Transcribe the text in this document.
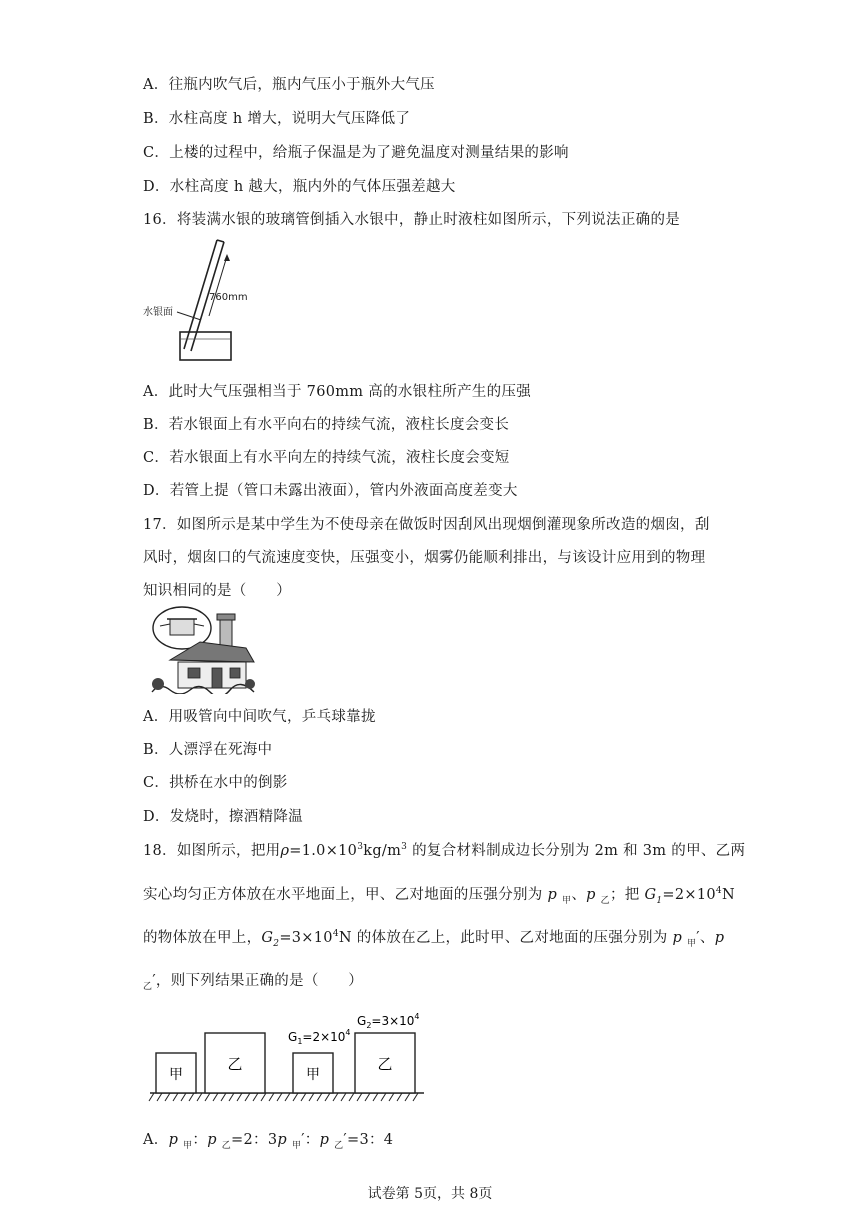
A．往瓶内吹气后，瓶内气压小于瓶外大气压
B．水柱高度 h 增大，说明大气压降低了
C．上楼的过程中，给瓶子保温是为了避免温度对测量结果的影响
D．水柱高度 h 越大，瓶内外的气体压强差越大
16．将装满水银的玻璃管倒插入水银中，静止时液柱如图所示，下列说法正确的是
760mm
水银面
A．此时大气压强相当于 760mm 高的水银柱所产生的压强
B．若水银面上有水平向右的持续气流，液柱长度会变长
C．若水银面上有水平向左的持续气流，液柱长度会变短
D．若管上提（管口未露出液面），管内外液面高度差变大
17．如图所示是某中学生为不使母亲在做饭时因刮风出现烟倒灌现象所改造的烟囱，刮
风时，烟囱口的气流速度变快，压强变小，烟雾仍能顺利排出，与该设计应用到的物理
知识相同的是（　　）
A．用吸管向中间吹气，乒乓球靠拢
B．人漂浮在死海中
C．拱桥在水中的倒影
D．发烧时，擦酒精降温
18．如图所示，把用$\rho=1.0\times 10^3kg/m^3$ 的复合材料制成边长分别为 2m 和 3m 的甲、乙两
实心均匀正方体放在水平地面上，甲、乙对地面的压强分别为 p $_甲$、p $_乙$；把 $G_1=2\times 10^4N$
的物体放在甲上，$G_2=3\times 10^4N$ 的体放在乙上，此时甲、乙对地面的压强分别为 p $_甲$′、p
$_乙$′，则下列结果正确的是（　　）
甲
乙
甲
乙
$G_1=2\times 10^4$
$G_2=3\times 10^4$
A．p $_甲$：p $_乙$=2：3p $_甲$′：p $_乙$′=3：4
试卷第 5页，共 8页
